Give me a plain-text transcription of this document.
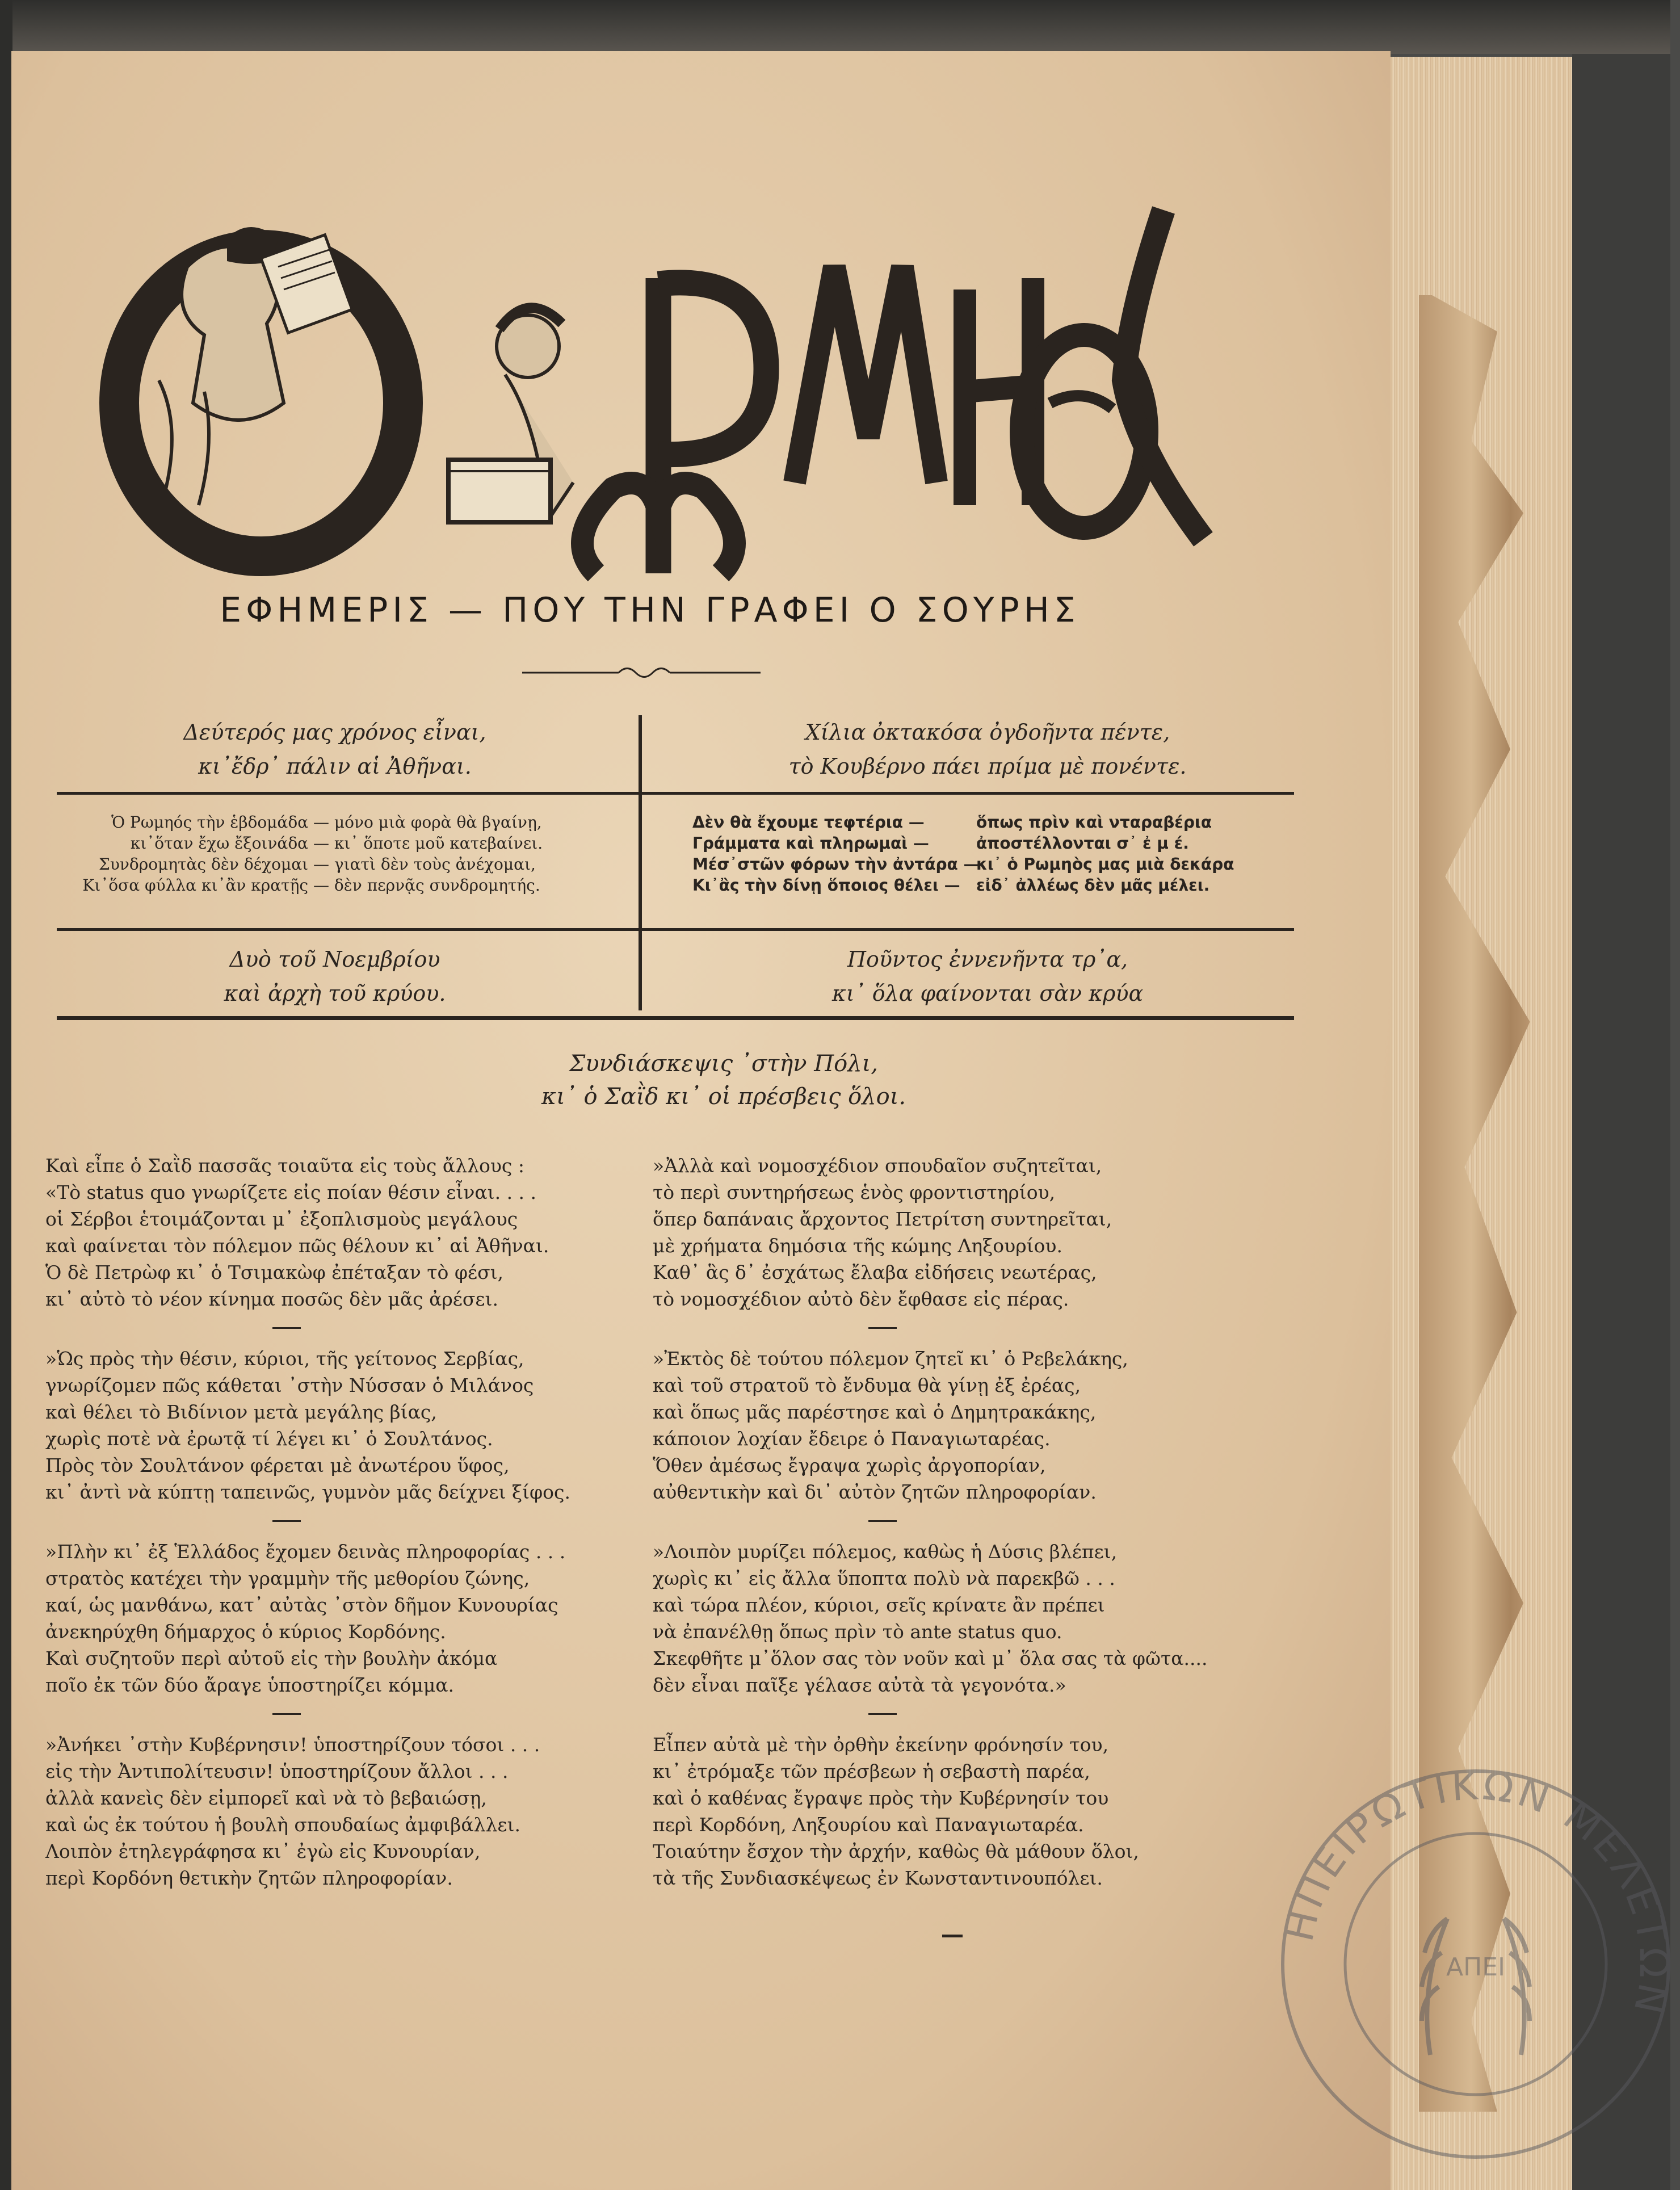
Ο ΡΩΜΗΟΣ
ΕΦΗΜΕΡΙΣ — ΠΟΥ ΤΗΝ ΓΡΑΦΕΙ Ο ΣΟΥΡΗΣ
Δεύτερός μας χρόνος εἶναι,
κι᾽ἔδρ᾽ πάλιν αἱ Ἀθῆναι.
Χίλια ὀκτακόσα ὀγδοῆντα πέντε,
τὸ Κουβέρνο πάει πρίμα μὲ πονέντε.
Ὁ Ρωμηός τὴν ἑβδομάδα — μόνο μιὰ φορὰ θὰ βγαίνῃ,
κι᾽ὅταν ἔχω ἔξοινάδα — κι᾽ ὅποτε μοῦ κατεβαίνει.
Συνδρομητὰς δὲν δέχομαι — γιατὶ δὲν τοὺς ἀνέχομαι,
Κι᾽ὅσα φύλλα κι᾽ἂν κρατῇς — δὲν περνᾷς συνδρομητής.
Δὲν θὰ ἔχουμε τεφτέρια —	ὅπως πρὶν καὶ νταραβέρια
Γράμματα καὶ πληρωμαὶ —	ἀποστέλλονται σ᾽ ἐ μ έ.
Μέσ᾽στῶν φόρων τὴν ἀντάρα —κι᾽ ὁ Ρωμηὸς μας μιὰ δεκάρα
Κι᾽ἂς τὴν δίνῃ ὅποιος θέλει — εἰδ᾽ ἀλλέως δὲν μᾶς μέλει.
Δυὸ τοῦ Νοεμβρίου
καὶ ἀρχὴ τοῦ κρύου.
Ποῦντος ἐννενῆντα τρ᾽α,
κι᾽ ὅλα φαίνονται σὰν κρύα
Συνδιάσκεψις ᾽στὴν Πόλι,
κι᾽ ὁ Σαῒδ κι᾽ οἱ πρέσβεις ὅλοι.
Καὶ εἶπε ὁ Σαῒδ πασσᾶς τοιαῦτα εἰς τοὺς ἄλλους :
«Τὸ status quo γνωρίζετε εἰς ποίαν θέσιν εἶναι. . . .
οἱ Σέρβοι ἑτοιμάζονται μ᾽ ἐξοπλισμοὺς μεγάλους
καὶ φαίνεται τὸν πόλεμον πῶς θέλουν κι᾽ αἱ Ἀθῆναι.
Ὁ δὲ Πετρὼφ κι᾽ ὁ Τσιμακὼφ ἐπέταξαν τὸ φέσι,
κι᾽ αὐτὸ τὸ νέον κίνημα ποσῶς δὲν μᾶς ἀρέσει.
»Ὡς πρὸς τὴν θέσιν, κύριοι, τῆς γείτονος Σερβίας,
γνωρίζομεν πῶς κάθεται ᾽στὴν Νύσσαν ὁ Μιλάνος
καὶ θέλει τὸ Βιδίνιον μετὰ μεγάλης βίας,
χωρὶς ποτὲ νὰ ἐρωτᾷ τί λέγει κι᾽ ὁ Σουλτάνος.
Πρὸς τὸν Σουλτάνον φέρεται μὲ ἀνωτέρου ὕφος,
κι᾽ ἀντὶ νὰ κύπτῃ ταπεινῶς, γυμνὸν μᾶς δείχνει ξίφος.
»Πλὴν κι᾽ ἐξ Ἑλλάδος ἔχομεν δεινὰς πληροφορίας . . .
στρατὸς κατέχει τὴν γραμμὴν τῆς μεθορίου ζώνης,
καί, ὡς μανθάνω, κατ᾽ αὐτὰς ᾽στὸν δῆμον Κυνουρίας
ἀνεκηρύχθη δήμαρχος ὁ κύριος Κορδόνης.
Καὶ συζητοῦν περὶ αὐτοῦ εἰς τὴν βουλὴν ἀκόμα
ποῖο ἐκ τῶν δύο ἄραγε ὑποστηρίζει κόμμα.
»Ἀνήκει ᾽στὴν Κυβέρνησιν! ὑποστηρίζουν τόσοι . . .
εἰς τὴν Ἀντιπολίτευσιν! ὑποστηρίζουν ἄλλοι . . .
ἀλλὰ κανεὶς δὲν εἰμπορεῖ καὶ νὰ τὸ βεβαιώσῃ,
καὶ ὡς ἐκ τούτου ἡ βουλὴ σπουδαίως ἀμφιβάλλει.
Λοιπὸν ἐτηλεγράφησα κι᾽ ἐγὼ εἰς Κυνουρίαν,
περὶ Κορδόνη θετικὴν ζητῶν πληροφορίαν.
»Ἀλλὰ καὶ νομοσχέδιον σπουδαῖον συζητεῖται,
τὸ περὶ συντηρήσεως ἑνὸς φροντιστηρίου,
ὅπερ δαπάναις ἄρχοντος Πετρίτση συντηρεῖται,
μὲ χρήματα δημόσια τῆς κώμης Ληξουρίου.
Καθ᾽ ἃς δ᾽ ἐσχάτως ἔλαβα εἰδήσεις νεωτέρας,
τὸ νομοσχέδιον αὐτὸ δὲν ἔφθασε εἰς πέρας.
»Ἐκτὸς δὲ τούτου πόλεμον ζητεῖ κι᾽ ὁ Ρεβελάκης,
καὶ τοῦ στρατοῦ τὸ ἔνδυμα θὰ γίνῃ ἐξ ἐρέας,
καὶ ὅπως μᾶς παρέστησε καὶ ὁ Δημητρακάκης,
κάποιον λοχίαν ἔδειρε ὁ Παναγιωταρέας.
Ὅθεν ἀμέσως ἔγραψα χωρὶς ἀργοπορίαν,
αὐθεντικὴν καὶ δι᾽ αὐτὸν ζητῶν πληροφορίαν.
»Λοιπὸν μυρίζει πόλεμος, καθὼς ἡ Δύσις βλέπει,
χωρὶς κι᾽ εἰς ἄλλα ὕποπτα πολὺ νὰ παρεκβῶ . . .
καὶ τώρα πλέον, κύριοι, σεῖς κρίνατε ἂν πρέπει
νὰ ἐπανέλθῃ ὅπως πρὶν τὸ ante status quo.
Σκεφθῆτε μ᾽ὅλον σας τὸν νοῦν καὶ μ᾽ ὅλα σας τὰ φῶτα....
δὲν εἶναι παῖξε γέλασε αὐτὰ τὰ γεγονότα.»
Εἶπεν αὐτὰ μὲ τὴν ὀρθὴν ἐκείνην φρόνησίν του,
κι᾽ ἐτρόμαξε τῶν πρέσβεων ἡ σεβαστὴ παρέα,
καὶ ὁ καθένας ἔγραψε πρὸς τὴν Κυβέρνησίν του
περὶ Κορδόνη, Ληξουρίου καὶ Παναγιωταρέα.
Τοιαύτην ἔσχον τὴν ἀρχήν, καθὼς θὰ μάθουν ὅλοι,
τὰ τῆς Συνδιασκέψεως ἐν Κωνσταντινουπόλει.
ΗΠΕΙΡΩΤΙΚΩΝ ΜΕΛΕΤΩΝ
ΑΠΕΙ
